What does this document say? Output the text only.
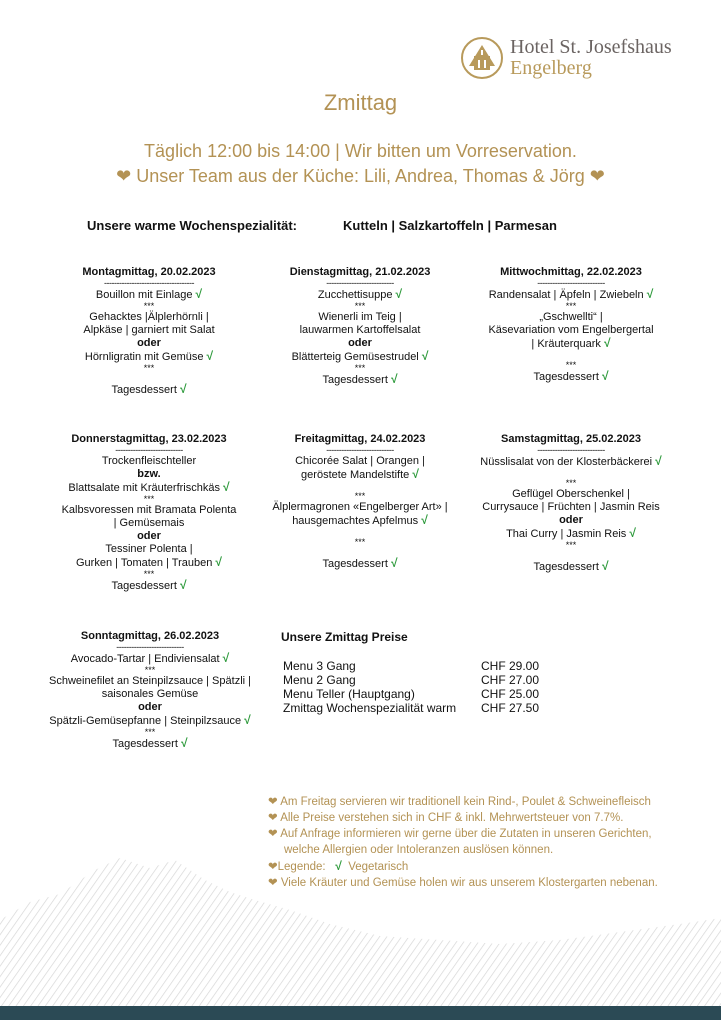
Hotel St. Josefshaus
Engelberg
Zmittag
Täglich 12:00 bis 14:00 | Wir bitten um Vorreservation.
❤ Unser Team aus der Küche: Lili, Andrea, Thomas & Jörg ❤
Unsere warme Wochenspezialität:	Kutteln | Salzkartoffeln | Parmesan
Montagmittag, 20.02.2023
------------------------------------
Bouillon mit Einlage √
***
Gehacktes |Älplerhörnli |
Alpkäse | garniert mit Salat
oder
Hörnligratin mit Gemüse √
***
Tagesdessert √
Dienstagmittag, 21.02.2023
---------------------------
Zucchettisuppe √
***
Wienerli im Teig |
lauwarmen Kartoffelsalat
oder
Blätterteig Gemüsestrudel √
***
Tagesdessert √
Mittwochmittag, 22.02.2023
---------------------------
Randensalat | Äpfeln | Zwiebeln √
***
„Gschwellti“ |
Käsevariation vom Engelbergertal
| Kräuterquark √
***
Tagesdessert √
Donnerstagmittag, 23.02.2023
---------------------------
Trockenfleischteller
bzw.
Blattsalate mit Kräuterfrischkäs √
***
Kalbsvoressen mit Bramata Polenta
| Gemüsemais
oder
Tessiner Polenta |
Gurken | Tomaten | Trauben √
***
Tagesdessert √
Freitagmittag, 24.02.2023
---------------------------
Chicorée Salat | Orangen |
geröstete Mandelstifte √
***
Älplermagronen «Engelberger Art» |
hausgemachtes Apfelmus √
***
Tagesdessert √
Samstagmittag, 25.02.2023
---------------------------
Nüsslisalat von der Klosterbäckerei √
***
Geflügel Oberschenkel |
Currysauce | Früchten | Jasmin Reis
oder
Thai Curry | Jasmin Reis √
***
Tagesdessert √
Sonntagmittag, 26.02.2023
---------------------------
Avocado-Tartar | Endiviensalat √
***
Schweinefilet an Steinpilzsauce | Spätzli |
saisonales Gemüse
oder
Spätzli-Gemüsepfanne | Steinpilzsauce √
***
Tagesdessert √
Unsere Zmittag Preise
Menu 3 Gang	CHF 29.00
Menu 2 Gang	CHF 27.00
Menu Teller (Hauptgang)	CHF 25.00
Zmittag Wochenspezialität warm	CHF 27.50
❤ Am Freitag servieren wir traditionell kein Rind-, Poulet & Schweinefleisch
❤ Alle Preise verstehen sich in CHF & inkl. Mehrwertsteuer von 7.7%.
❤ Auf Anfrage informieren wir gerne über die Zutaten in unseren Gerichten,
welche Allergien oder Intoleranzen auslösen können.
❤Legende: √ Vegetarisch
❤ Viele Kräuter und Gemüse holen wir aus unserem Klostergarten nebenan.
